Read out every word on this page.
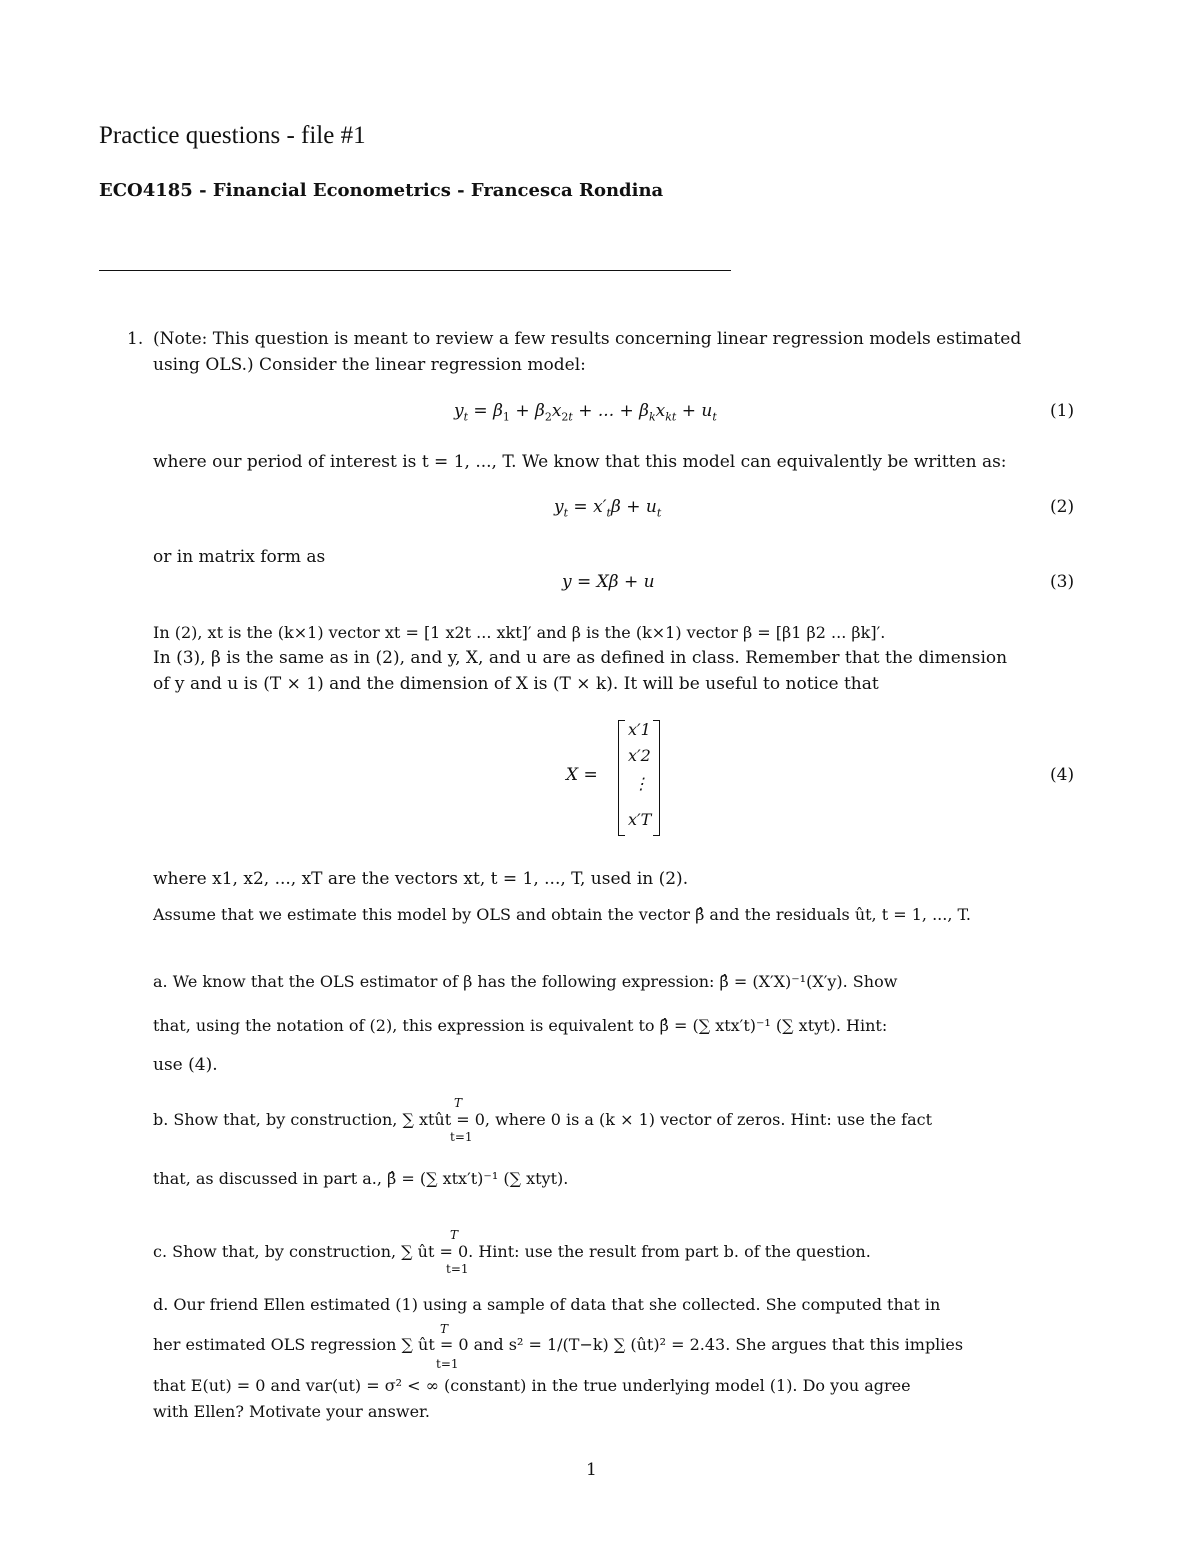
Practice questions - file #1
ECO4185 - Financial Econometrics - Francesca Rondina
1. (Note: This question is meant to review a few results concerning linear regression models estimated
using OLS.) Consider the linear regression model:
$y_t = \beta_1 + \beta_2x_{2t}$ + ... + $\beta_kx_{kt} + u_t$	(1)
where our period of interest is t = 1, ..., T. We know that this model can equivalently be written as:
$y_t = x'_t\beta + u_t$	(2)
or in matrix form as
y = Xβ + u	(3)
In (2), xt is the (k×1) vector xt = [1 x2t ... xkt]′ and β is the (k×1) vector β = [β1 β2 ... βk]′.
In (3), β is the same as in (2), and y, X, and u are as defined in class. Remember that the dimension
of y and u is (T × 1) and the dimension of X is (T × k). It will be useful to notice that
X =
x′1
x′2
⋮
x′T
(4)
where x1, x2, ..., xT are the vectors xt, t = 1, ..., T, used in (2).
Assume that we estimate this model by OLS and obtain the vector β̂ and the residuals ût, t = 1, ..., T.
a. We know that the OLS estimator of β has the following expression: β̂ = (X′X)⁻¹(X′y). Show
that, using the notation of (2), this expression is equivalent to β̂ = (∑ xtx′t)⁻¹ (∑ xtyt). Hint:
use (4).
T
b. Show that, by construction, ∑ xtût = 0, where 0 is a (k × 1) vector of zeros. Hint: use the fact
t=1
that, as discussed in part a., β̂ = (∑ xtx′t)⁻¹ (∑ xtyt).
T
c. Show that, by construction, ∑ ût = 0. Hint: use the result from part b. of the question.
t=1
d. Our friend Ellen estimated (1) using a sample of data that she collected. She computed that in
T
her estimated OLS regression ∑ ût = 0 and s² = 1/(T−k) ∑ (ût)² = 2.43. She argues that this implies
t=1
that E(ut) = 0 and var(ut) = σ² < ∞ (constant) in the true underlying model (1). Do you agree
with Ellen? Motivate your answer.
1
